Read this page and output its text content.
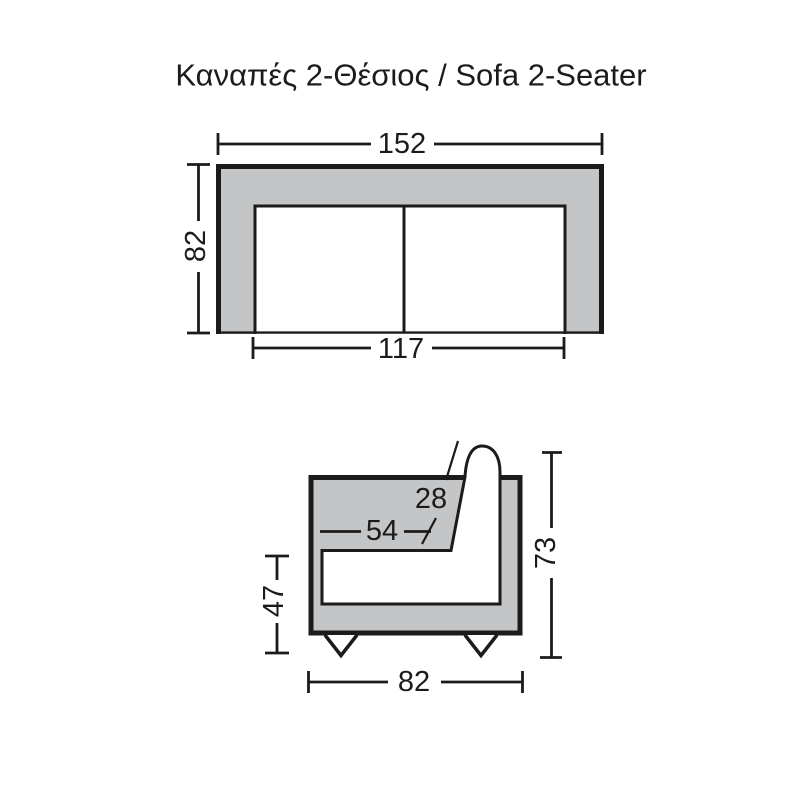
Καναπές 2-Θέσιος / Sofa 2-Seater
152
82
117
28
54
47
73
82
